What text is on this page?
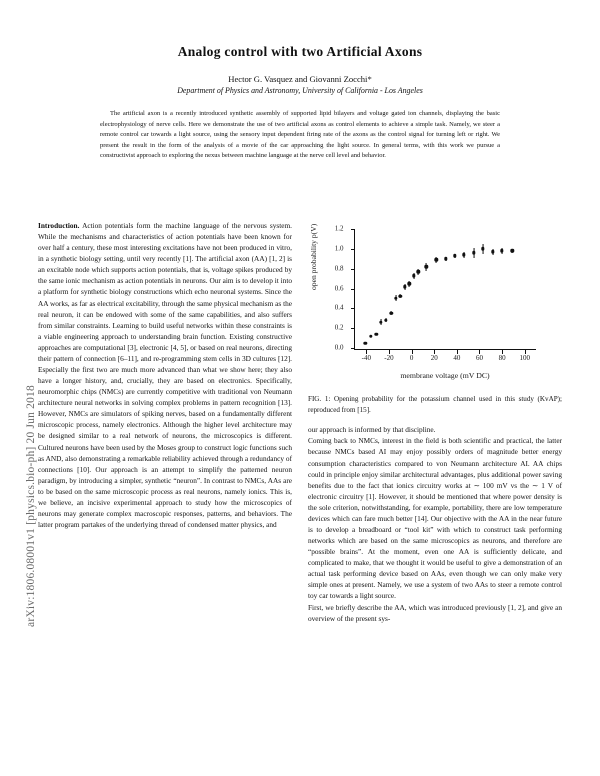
arXiv:1806.08001v1 [physics.bio-ph] 20 Jun 2018
Analog control with two Artificial Axons
Hector G. Vasquez and Giovanni Zocchi*
Department of Physics and Astronomy, University of California - Los Angeles

The artificial axon is a recently introduced synthetic assembly of supported lipid bilayers and voltage gated ion channels, displaying the basic electrophysiology of nerve cells. Here we demonstrate the use of two artificial axons as control elements to achieve a simple task. Namely, we steer a remote control car towards a light source, using the sensory input dependent firing rate of the axons as the control signal for turning left or right. We present the result in the form of the analysis of a movie of the car approaching the light source. In general terms, with this work we pursue a constructivist approach to exploring the nexus between machine language at the nerve cell level and behavior.

Introduction. Action potentials form the machine language of the nervous system. While the mechanisms and characteristics of action potentials have been known for over half a century, these most interesting excitations have not been produced in vitro, in a synthetic biology setting, until very recently [1]. The artificial axon (AA) [1, 2] is an excitable node which supports action potentials, that is, voltage spikes produced by the same ionic mechanism as action potentials in neurons. Our aim is to develop it into a platform for synthetic biology constructions which echo neuronal systems. Since the AA works, as far as electrical excitability, through the same physical mechanism as the real neuron, it can be endowed with some of the same capabilities, and also suffers from similar constraints. Learning to build useful networks within these constraints is a viable engineering approach to understanding brain function. Existing constructive approaches are computational [3], electronic [4, 5], or based on real neurons, directing their pattern of connection [6–11], and re-programming stem cells in 3D cultures [12]. Especially the first two are much more advanced than what we show here; they also have a longer history, and, crucially, they are based on electronics. Specifically, neuromorphic chips (NMCs) are currently competitive with traditional von Neumann architecture neural networks in solving complex problems in pattern recognition [13]. However, NMCs are simulators of spiking nerves, based on a fundamentally different microscopic process, namely electronics. Although the higher level architecture may be designed similar to a real network of neurons, the microscopics is different. Cultured neurons have been used by the Moses group to construct logic functions such as AND, also demonstrating a remarkable reliability achieved through a redundancy of connections [10]. Our approach is an attempt to simplify the patterned neuron paradigm, by introducing a simpler, synthetic “neuron”. In contrast to NMCs, AAs are to be based on the same microscopic process as real neurons, namely ionics. This is, we believe, an incisive experimental approach to study how the microscopics of neurons may generate complex macroscopic responses, patterns, and behaviors. The latter program partakes of the underlying thread of condensed matter physics, and

open probability p(V)
0.0
0.2
0.4
0.6
0.8
1.0
1.2
-40 -20 0 20 40 60 80 100
membrane voltage (mV DC)
FIG. 1: Opening probability for the potassium channel used in this study (KvAP); reproduced from [15].

our approach is informed by that discipline.

Coming back to NMCs, interest in the field is both scientific and practical, the latter because NMCs based AI may enjoy possibly orders of magnitude better energy consumption characteristics compared to von Neumann architecture AI. AA chips could in principle enjoy similar architectural advantages, plus additional power saving benefits due to the fact that ionics circuitry works at ∼ 100 mV vs the ∼ 1 V of electronic circuitry [1]. However, it should be mentioned that where power density is the sole criterion, notwithstanding, for example, portability, there are low temperature devices which can fare much better [14]. Our objective with the AA in the near future is to develop a breadboard or “tool kit” with which to construct task performing networks which are based on the same microscopics as neurons, and therefore are “possible brains”. At the moment, even one AA is sufficiently delicate, and complicated to make, that we thought it would be useful to give a demonstration of an actual task performing device based on AAs, even though we can only make very simple ones at present. Namely, we use a system of two AAs to steer a remote control toy car towards a light source.

First, we briefly describe the AA, which was introduced previously [1, 2], and give an overview of the present sys-
